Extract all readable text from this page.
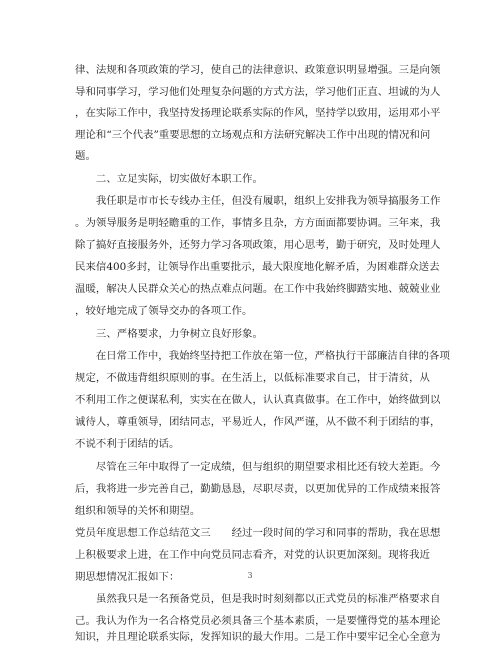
律、法规和各项政策的学习，使自己的法律意识、政策意识明显增强。三是向领
导和同事学习，学习他们处理复杂问题的方式方法，学习他们正直、坦诚的为人
，在实际工作中，我坚持发扬理论联系实际的作风，坚持学以致用，运用邓小平
理论和“三个代表”重要思想的立场观点和方法研究解决工作中出现的情况和问
题。
　　二、立足实际，切实做好本职工作。
　　我任职是市市长专线办主任，但没有履职，组织上安排我为领导搞服务工作
。为领导服务是明轻瞻重的工作，事情多且杂，方方面面都要协调。三年来，我
除了搞好直接服务外，还努力学习各项政策，用心思考，勤于研究，及时处理人
民来信400多封，让领导作出重要批示，最大限度地化解矛盾，为困难群众送去
温暖，解决人民群众关心的热点难点问题。在工作中我始终脚踏实地、兢兢业业
，较好地完成了领导交办的各项工作。
　　三、严格要求，力争树立良好形象。
　　在日常工作中，我始终坚持把工作放在第一位，严格执行干部廉洁自律的各项
规定，不做违背组织原则的事。在生活上，以低标准要求自己，甘于清贫，从
不利用工作之便谋私利，实实在在做人，认认真真做事。在工作中，始终做到以
诚待人，尊重领导，团结同志，平易近人，作风严谨，从不做不利于团结的事，
不说不利于团结的话。
　　尽管在三年中取得了一定成绩，但与组织的期望要求相比还有较大差距。今
后，我将进一步完善自己，勤勤恳恳，尽职尽责，以更加优异的工作成绩来报答
组织和领导的关怀和期望。
党员年度思想工作总结范文三　　经过一段时间的学习和同事的帮助，我在思想
上积极要求上进，在工作中向党员同志看齐，对党的认识更加深刻。现将我近
期思想情况汇报如下：
　　虽然我只是一名预备党员，但是我时时刻刻都以正式党员的标准严格要求自
己。我认为作为一名合格党员必须具备三个基本素质，一是要懂得党的基本理论
知识，并且理论联系实际，发挥知识的最大作用。二是工作中要牢记全心全意为
3
